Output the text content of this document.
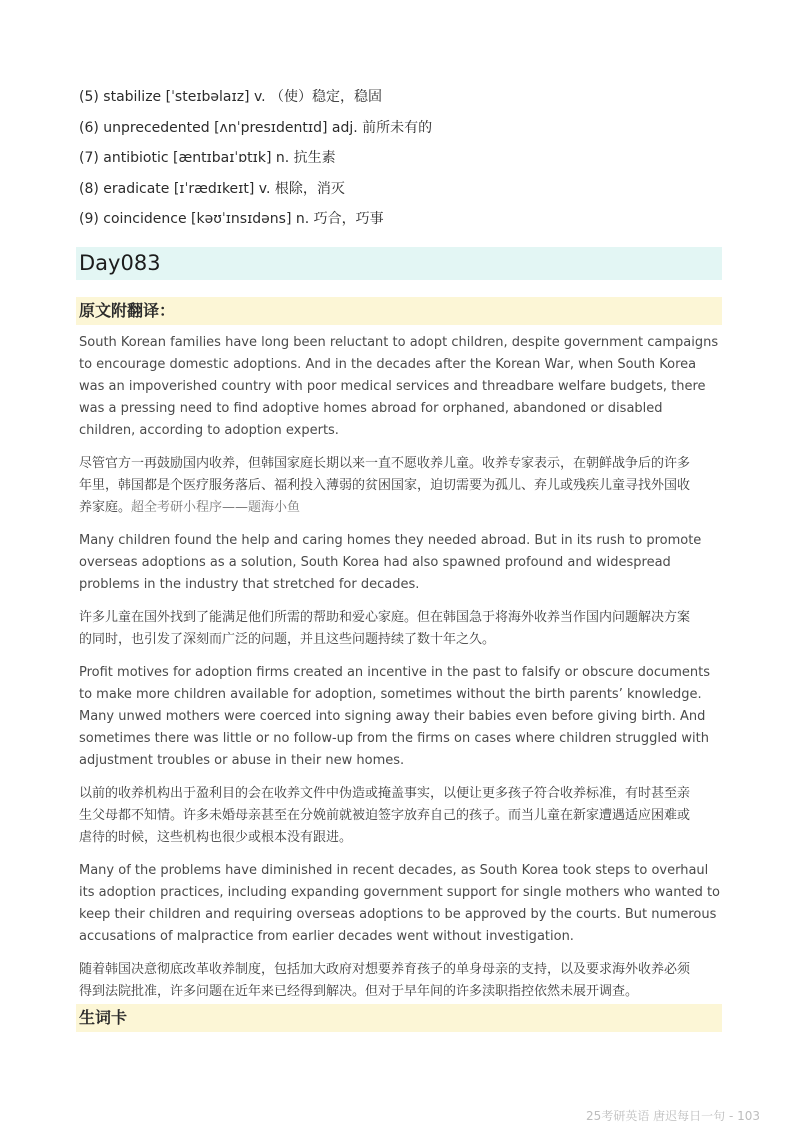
(5) stabilize [ˈsteɪbəlaɪz] v. （使）稳定，稳固
(6) unprecedented [ʌnˈpresɪdentɪd] adj. 前所未有的
(7) antibiotic [æntɪbaɪˈɒtɪk] n. 抗生素
(8) eradicate [ɪˈrædɪkeɪt] v. 根除，消灭
(9) coincidence [kəʊˈɪnsɪdəns] n. 巧合，巧事
Day083
原文附翻译：

South Korean families have long been reluctant to adopt children, despite government campaigns
to encourage domestic adoptions. And in the decades after the Korean War, when South Korea
was an impoverished country with poor medical services and threadbare welfare budgets, there
was a pressing need to find adoptive homes abroad for orphaned, abandoned or disabled
children, according to adoption experts.

尽管官方一再鼓励国内收养，但韩国家庭长期以来一直不愿收养儿童。收养专家表示，在朝鲜战争后的许多
年里，韩国都是个医疗服务落后、福利投入薄弱的贫困国家，迫切需要为孤儿、弃儿或残疾儿童寻找外国收
养家庭。超全考研小程序——题海小鱼

Many children found the help and caring homes they needed abroad. But in its rush to promote
overseas adoptions as a solution, South Korea had also spawned profound and widespread
problems in the industry that stretched for decades.

许多儿童在国外找到了能满足他们所需的帮助和爱心家庭。但在韩国急于将海外收养当作国内问题解决方案
的同时，也引发了深刻而广泛的问题，并且这些问题持续了数十年之久。

Profit motives for adoption firms created an incentive in the past to falsify or obscure documents
to make more children available for adoption, sometimes without the birth parents’ knowledge.
Many unwed mothers were coerced into signing away their babies even before giving birth. And
sometimes there was little or no follow-up from the firms on cases where children struggled with
adjustment troubles or abuse in their new homes.

以前的收养机构出于盈利目的会在收养文件中伪造或掩盖事实，以便让更多孩子符合收养标准，有时甚至亲
生父母都不知情。许多未婚母亲甚至在分娩前就被迫签字放弃自己的孩子。而当儿童在新家遭遇适应困难或
虐待的时候，这些机构也很少或根本没有跟进。

Many of the problems have diminished in recent decades, as South Korea took steps to overhaul
its adoption practices, including expanding government support for single mothers who wanted to
keep their children and requiring overseas adoptions to be approved by the courts. But numerous
accusations of malpractice from earlier decades went without investigation.

随着韩国决意彻底改革收养制度，包括加大政府对想要养育孩子的单身母亲的支持，以及要求海外收养必须
得到法院批准，许多问题在近年来已经得到解决。但对于早年间的许多渎职指控依然未展开调查。

生词卡
25考研英语 唐迟每日一句 - 103
